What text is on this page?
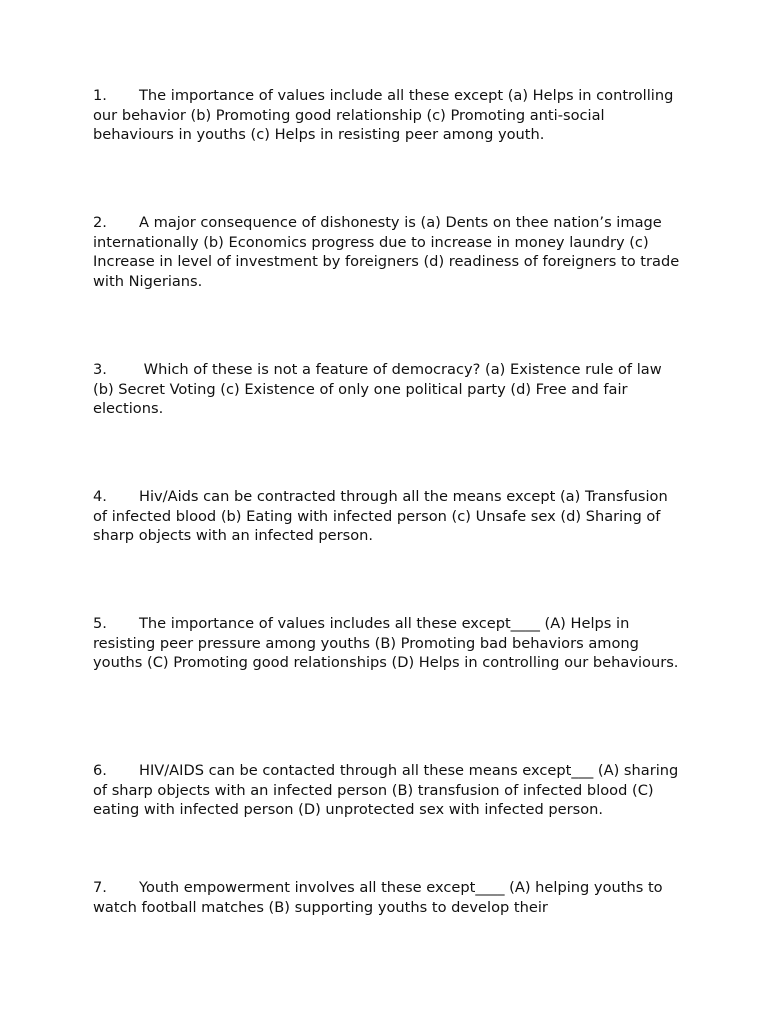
1. The importance of values include all these except (a) Helps in controlling our behavior (b) Promoting good relationship (c) Promoting anti-social behaviours in youths (c) Helps in resisting peer among youth.

2. A major consequence of dishonesty is (a) Dents on thee nation’s image internationally (b) Economics progress due to increase in money laundry (c) Increase in level of investment by foreigners (d) readiness of foreigners to trade with Nigerians.

3. Which of these is not a feature of democracy? (a) Existence rule of law (b) Secret Voting (c) Existence of only one political party (d) Free and fair elections.

4. Hiv/Aids can be contracted through all the means except (a) Transfusion of infected blood (b) Eating with infected person (c) Unsafe sex (d) Sharing of sharp objects with an infected person.

5. The importance of values includes all these except____ (A) Helps in resisting peer pressure among youths (B) Promoting bad behaviors among youths (C) Promoting good relationships (D) Helps in controlling our behaviours.

6. HIV/AIDS can be contacted through all these means except___ (A) sharing of sharp objects with an infected person (B) transfusion of infected blood (C) eating with infected person (D) unprotected sex with infected person.

7. Youth empowerment involves all these except____ (A) helping youths to watch football matches (B) supporting youths to develop their
